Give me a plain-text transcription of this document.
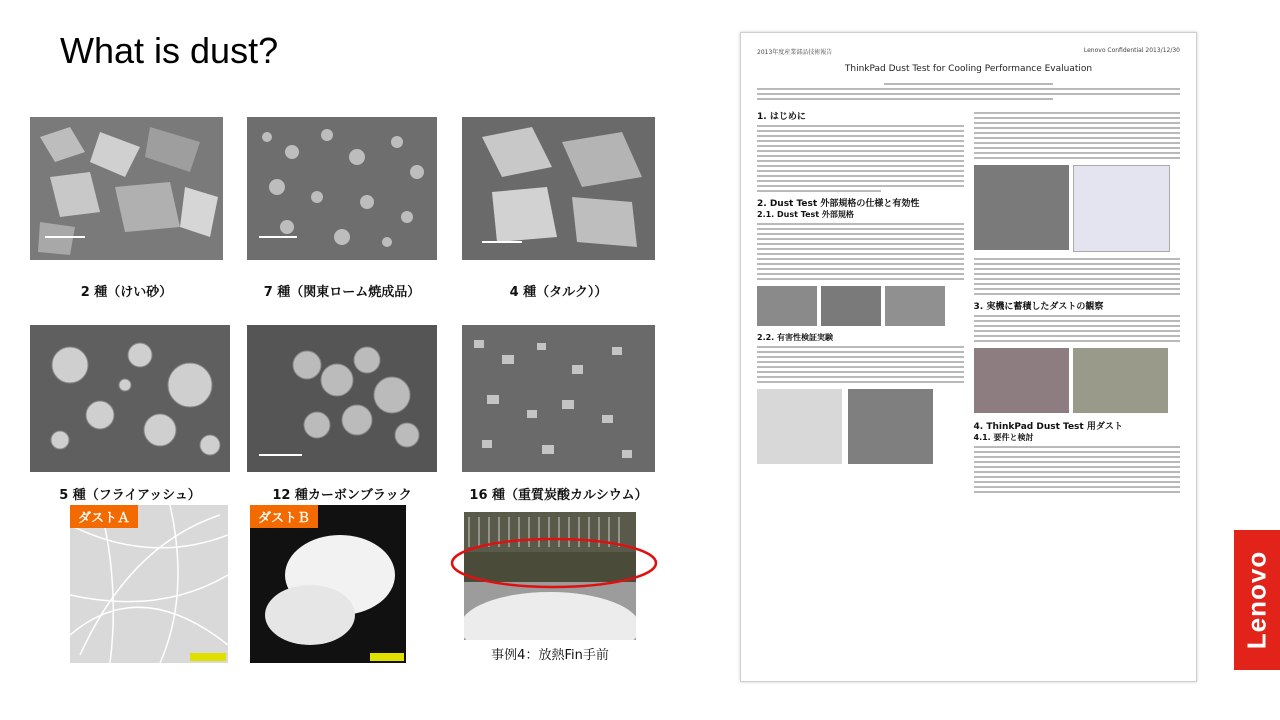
What is dust?
2 種（けい砂）	7 種（関東ローム焼成品）	4 種（タルク））
5 種（フライアッシュ）	12 種カーボンブラック	16 種（重質炭酸カルシウム）
ダストＡ	ダストＢ
事例4：放熱Fin手前
2013年度産業部品技術報告	Lenovo Confidential 2013/12/30
ThinkPad Dust Test for Cooling Performance Evaluation
1. はじめに
2. Dust Test 外部規格の仕様と有効性
2.1. Dust Test 外部規格
2.2. 有害性検証実験
3. 実機に蓄積したダストの観察
4. ThinkPad Dust Test 用ダスト
4.1. 要件と検討
Lenovo
